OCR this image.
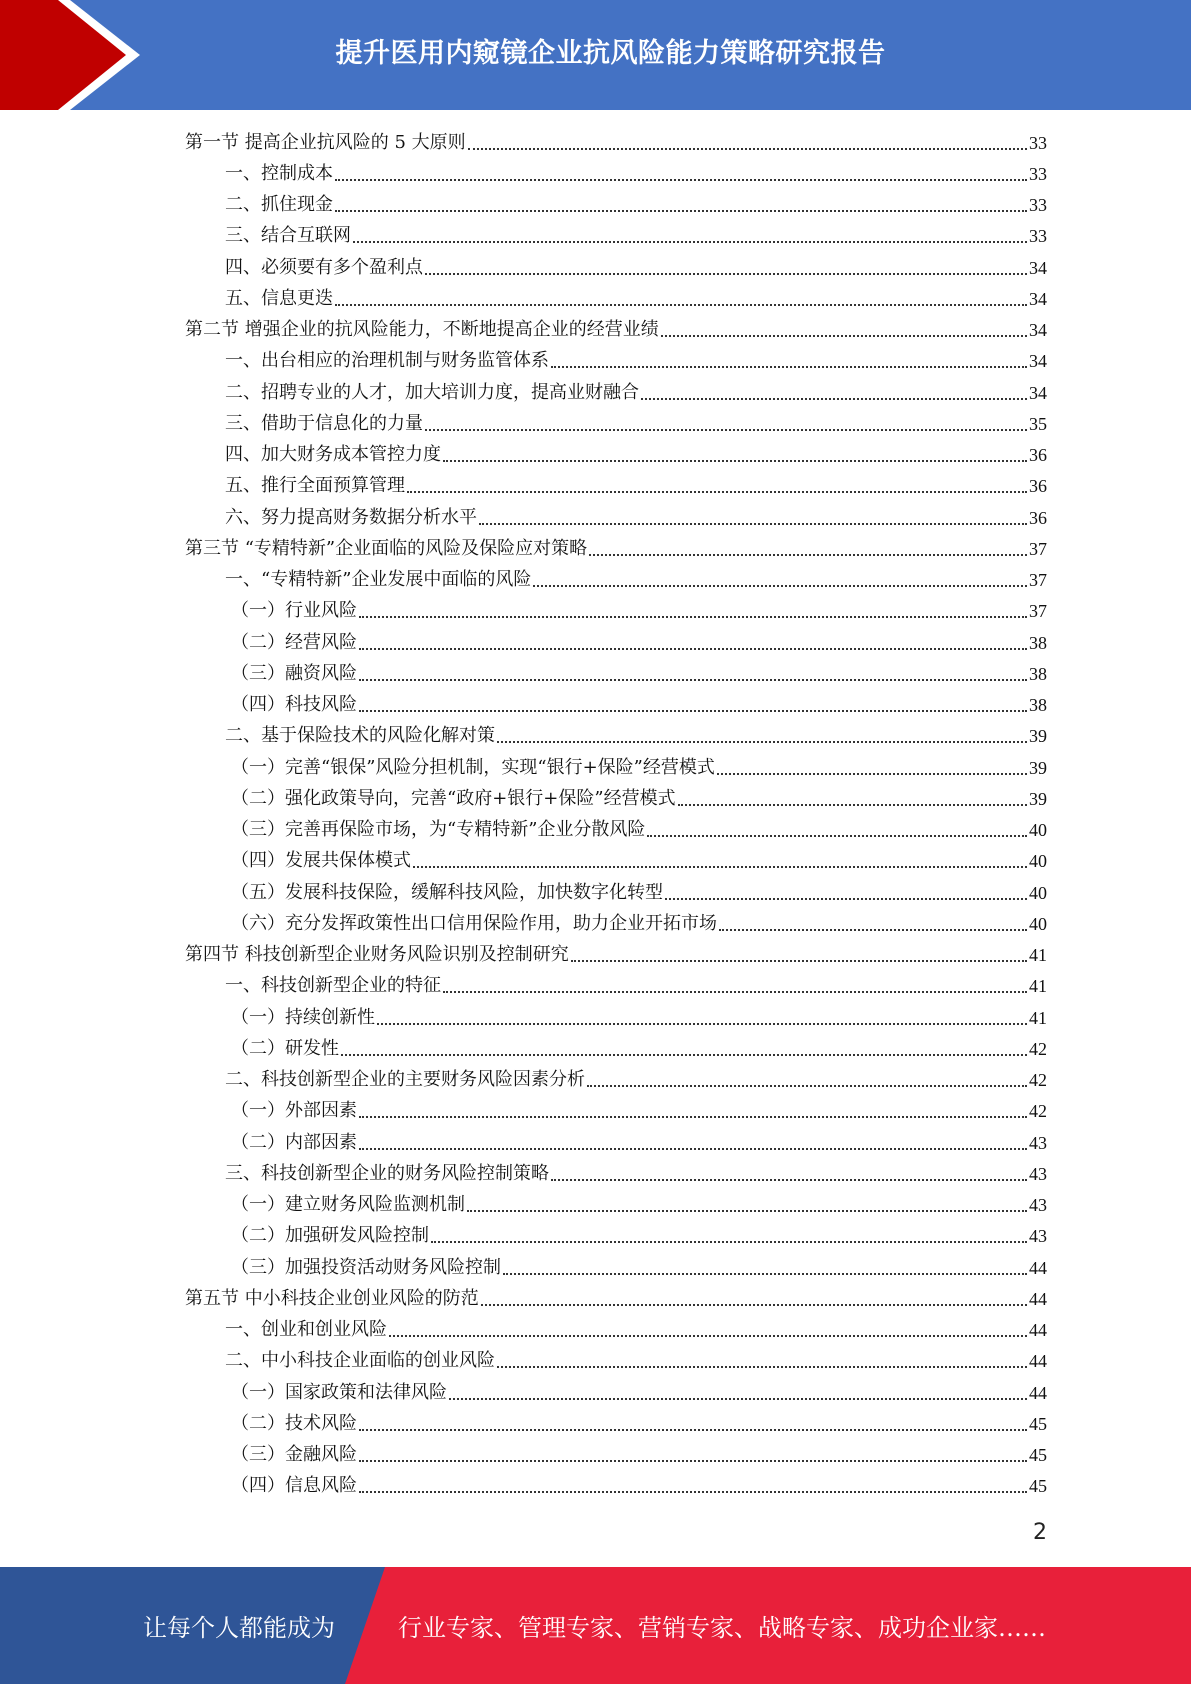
提升医用内窥镜企业抗风险能力策略研究报告
第一节 提高企业抗风险的 5 大原则	33
一、控制成本	33
二、抓住现金	33
三、结合互联网	33
四、必须要有多个盈利点	34
五、信息更迭	34
第二节 增强企业的抗风险能力，不断地提高企业的经营业绩	34
一、出台相应的治理机制与财务监管体系	34
二、招聘专业的人才，加大培训力度，提高业财融合	34
三、借助于信息化的力量	35
四、加大财务成本管控力度	36
五、推行全面预算管理	36
六、努力提高财务数据分析水平	36
第三节 “专精特新”企业面临的风险及保险应对策略	37
一、“专精特新”企业发展中面临的风险	37
（一）行业风险	37
（二）经营风险	38
（三）融资风险	38
（四）科技风险	38
二、基于保险技术的风险化解对策	39
（一）完善“银保”风险分担机制，实现“银行+保险”经营模式	39
（二）强化政策导向，完善“政府+银行+保险”经营模式	39
（三）完善再保险市场，为“专精特新”企业分散风险	40
（四）发展共保体模式	40
（五）发展科技保险，缓解科技风险，加快数字化转型	40
（六）充分发挥政策性出口信用保险作用，助力企业开拓市场	40
第四节 科技创新型企业财务风险识别及控制研究	41
一、科技创新型企业的特征	41
（一）持续创新性	41
（二）研发性	42
二、科技创新型企业的主要财务风险因素分析	42
（一）外部因素	42
（二）内部因素	43
三、科技创新型企业的财务风险控制策略	43
（一）建立财务风险监测机制	43
（二）加强研发风险控制	43
（三）加强投资活动财务风险控制	44
第五节 中小科技企业创业风险的防范	44
一、创业和创业风险	44
二、中小科技企业面临的创业风险	44
（一）国家政策和法律风险	44
（二）技术风险	45
（三）金融风险	45
（四）信息风险	45
2
让每个人都能成为	行业专家、管理专家、营销专家、战略专家、成功企业家……
